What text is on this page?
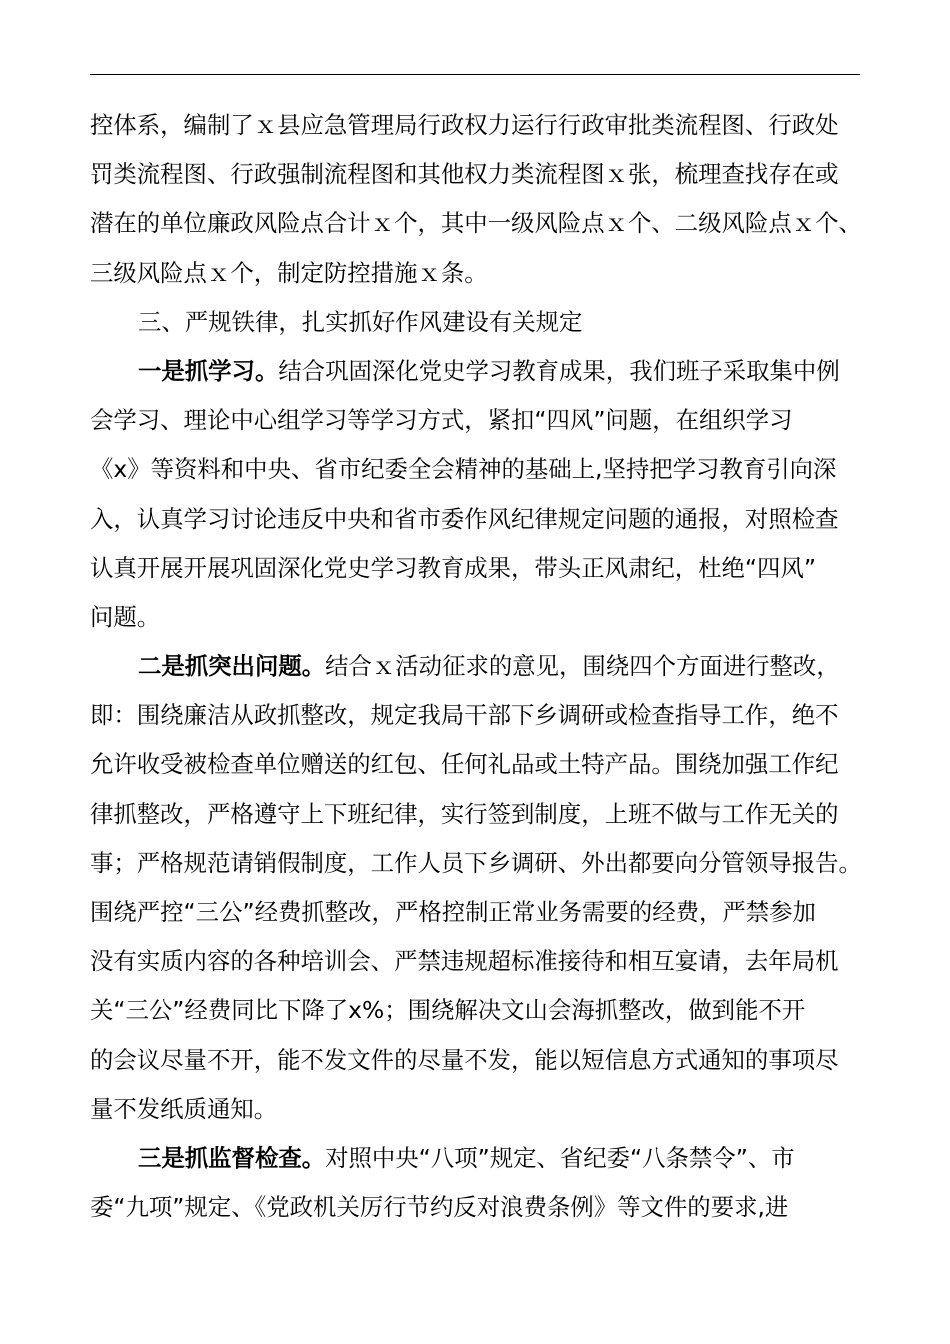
控体系，编制了ｘ县应急管理局行政权力运行行政审批类流程图、行政处
罚类流程图、行政强制流程图和其他权力类流程图ｘ张，梳理查找存在或
潜在的单位廉政风险点合计ｘ个，其中一级风险点ｘ个、二级风险点ｘ个、
三级风险点ｘ个，制定防控措施ｘ条。
三、严规铁律，扎实抓好作风建设有关规定
一是抓学习。结合巩固深化党史学习教育成果，我们班子采取集中例
会学习、理论中心组学习等学习方式，紧扣“四风”问题，在组织学习
《x》等资料和中央、省市纪委全会精神的基础上,坚持把学习教育引向深
入，认真学习讨论违反中央和省市委作风纪律规定问题的通报，对照检查
认真开展开展巩固深化党史学习教育成果，带头正风肃纪，杜绝“四风”
问题。
二是抓突出问题。结合ｘ活动征求的意见，围绕四个方面进行整改，
即：围绕廉洁从政抓整改，规定我局干部下乡调研或检查指导工作，绝不
允许收受被检查单位赠送的红包、任何礼品或土特产品。围绕加强工作纪
律抓整改，严格遵守上下班纪律，实行签到制度，上班不做与工作无关的
事；严格规范请销假制度，工作人员下乡调研、外出都要向分管领导报告。
围绕严控“三公”经费抓整改，严格控制正常业务需要的经费，严禁参加
没有实质内容的各种培训会、严禁违规超标准接待和相互宴请，去年局机
关“三公”经费同比下降了x%；围绕解决文山会海抓整改，做到能不开
的会议尽量不开，能不发文件的尽量不发，能以短信息方式通知的事项尽
量不发纸质通知。
三是抓监督检查。对照中央“八项”规定、省纪委“八条禁令”、市
委“九项”规定、《党政机关厉行节约反对浪费条例》等文件的要求,进
